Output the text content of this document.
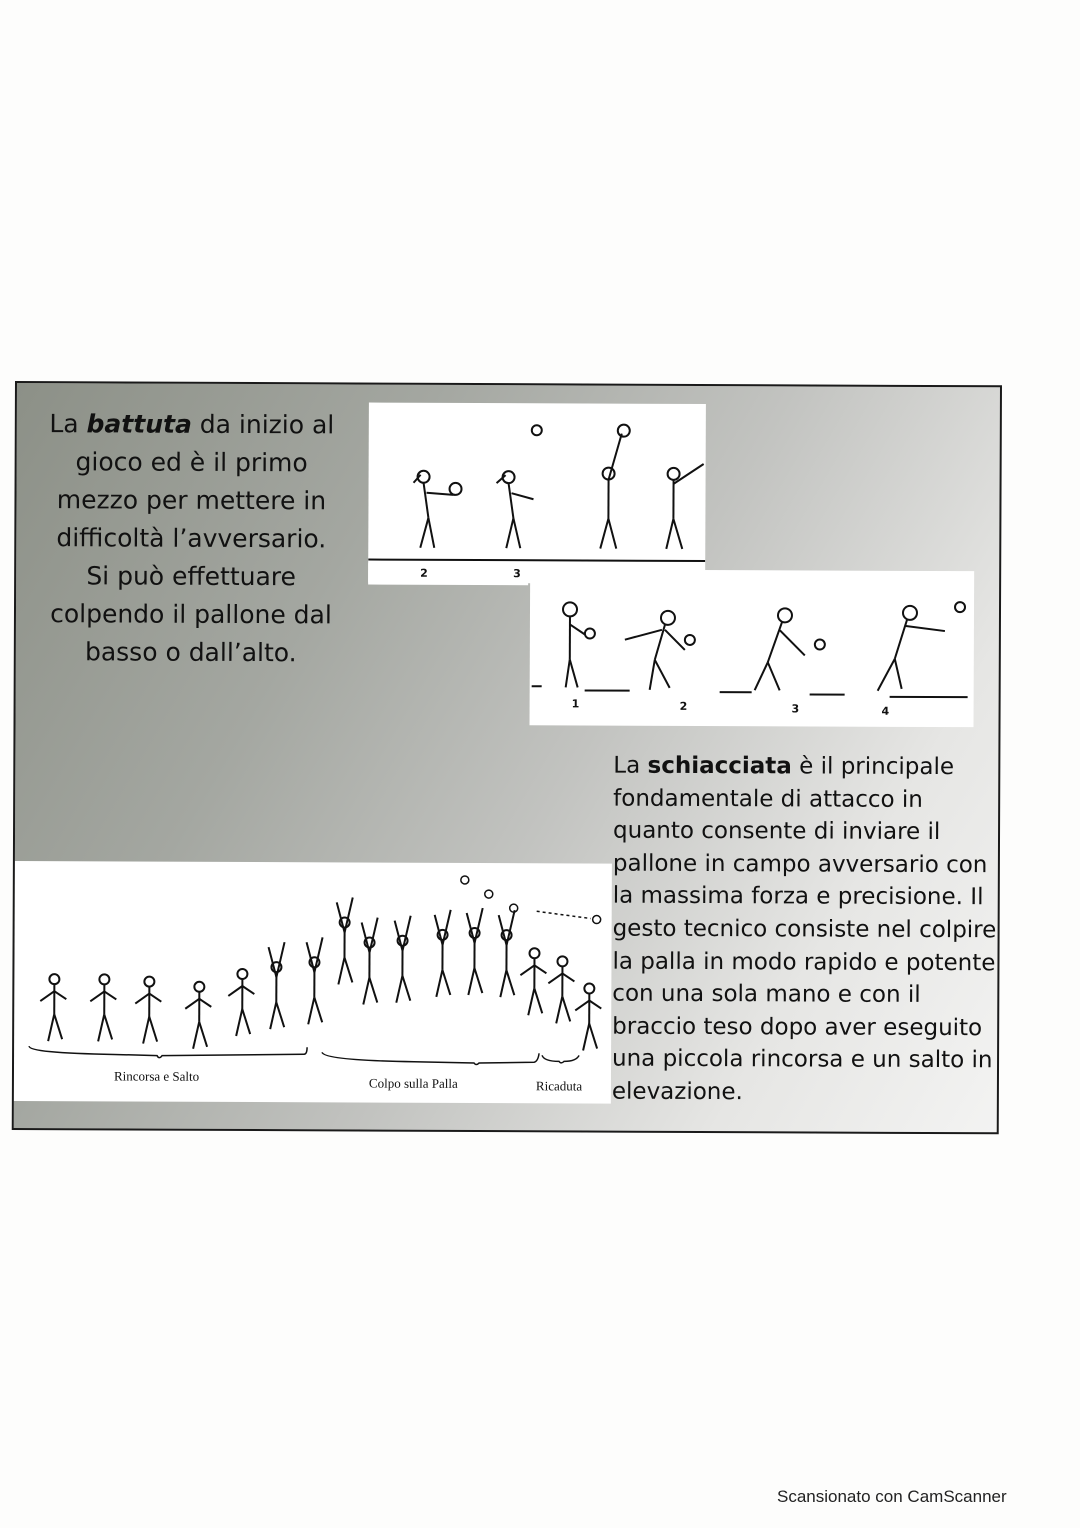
La battuta da inizio al gioco ed è il primo mezzo per mettere in difficoltà l’avversario. Si può effettuare colpendo il pallone dal basso o dall’alto.
2	3
1	2	3	4
Rincorsa e Salto	Colpo sulla Palla	Ricaduta
La schiacciata è il principale fondamentale di attacco in quanto consente di inviare il pallone in campo avversario con la massima forza e precisione. Il gesto tecnico consiste nel colpire la palla in modo rapido e potente con una sola mano e con il braccio teso dopo aver eseguito una piccola rincorsa e un salto in elevazione.
Scansionato con CamScanner
